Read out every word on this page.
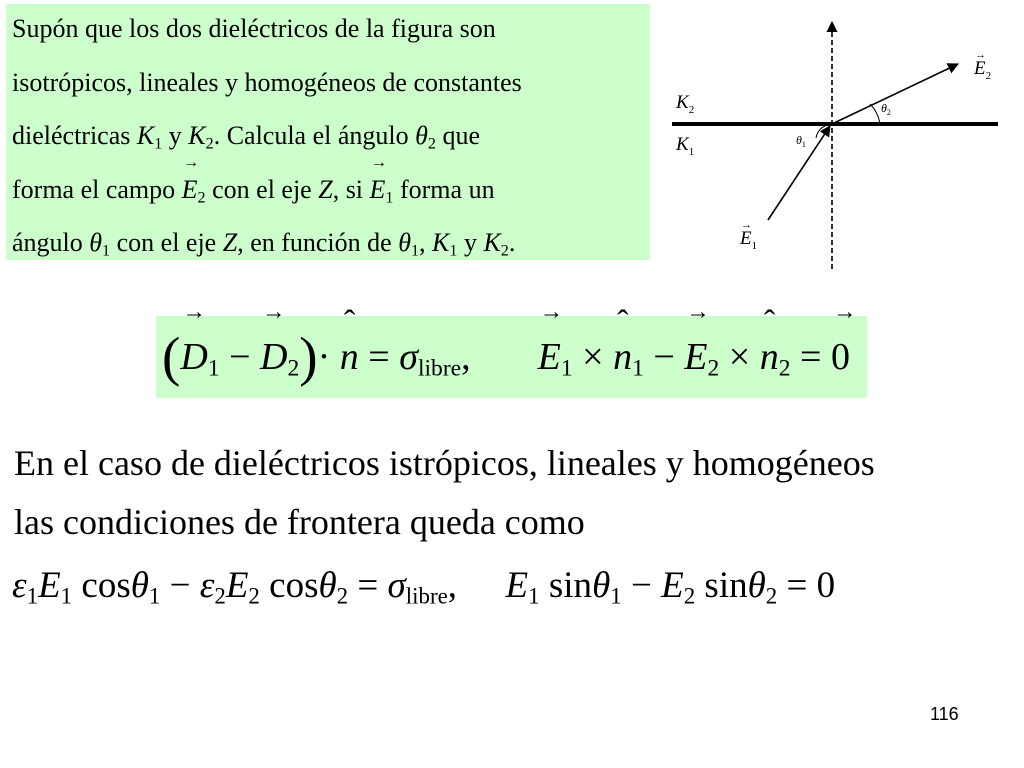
Supón que los dos dieléctricos de la figura son
isotrópicos, lineales y homogéneos de constantes
dieléctricas K1 y K2. Calcula el ángulo θ2 que
forma el campo → E2 con el eje Z, si → E1 forma un
ángulo θ1 con el eje Z, en función de θ1, K1 y K2.
$K_2$
$K_1$
$E_2$
→
$E_1$
→
$\theta_1$
$\theta_2$
(→ D1 − → D2)· ˆ n = σlibre, → E1 × ˆ n1 − → E2 × ˆ n2 = → 0
En el caso de dieléctricos istrópicos, lineales y homogéneos
las condiciones de frontera queda como
ε1E1 cosθ1 − ε2E2 cosθ2 = σlibre, E1 sinθ1 − E2 sinθ2 = 0
116
